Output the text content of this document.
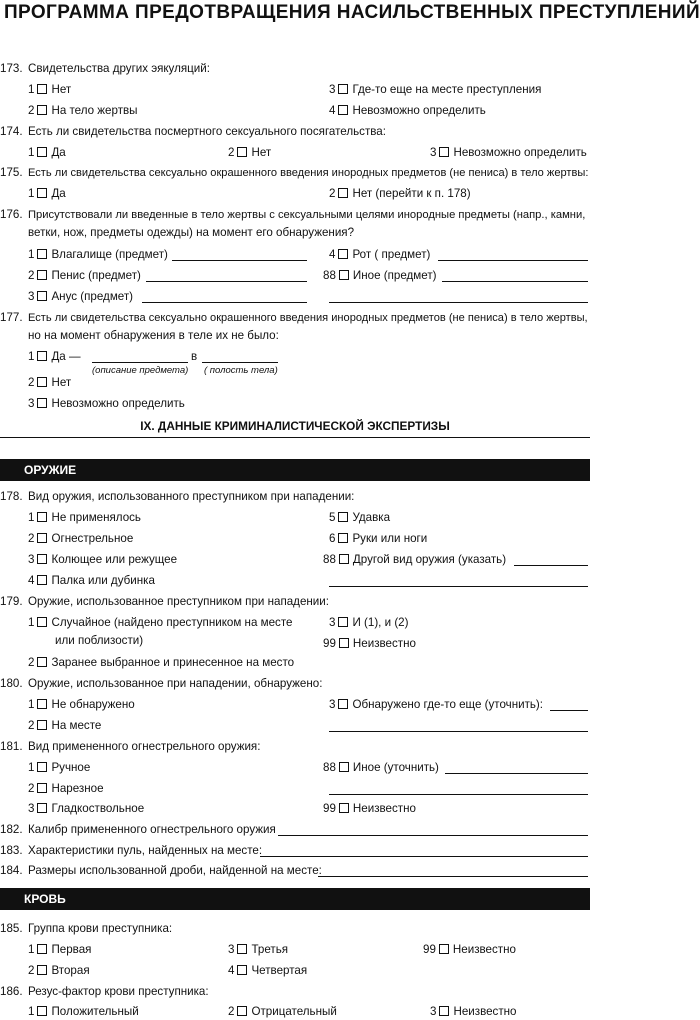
ПРОГРАММА ПРЕДОТВРАЩЕНИЯ НАСИЛЬСТВЕННЫХ ПРЕСТУПЛЕНИЙ
173. Свидетельства других эякуляций:
1 Нет
2 На тело жертвы
3 Где-то еще на месте преступления
4 Невозможно определить
174. Есть ли свидетельства посмертного сексуального посягательства:
1 Да	2 Нет	3 Невозможно определить
175. Есть ли свидетельства сексуально окрашенного введения инородных предметов (не пениса) в тело жертвы:
1 Да	2 Нет (перейти к п. 178)
176. Присутствовали ли введенные в тело жертвы с сексуальными целями инородные предметы (напр., камни,
ветки, нож, предметы одежды) на момент его обнаружения?
1 Влагалище (предмет)
2 Пенис (предмет)
3 Анус (предмет)
4 Рот ( предмет)
88 Иное (предмет)
177. Есть ли свидетельства сексуально окрашенного введения инородных предметов (не пениса) в тело жертвы,
но на момент обнаружения в теле их не было:
1 Да —	в
(описание предмета) ( полость тела)
2 Нет
3 Невозможно определить
IX. ДАННЫЕ КРИМИНАЛИСТИЧЕСКОЙ ЭКСПЕРТИЗЫ
ОРУЖИЕ
178. Вид оружия, использованного преступником при нападении:
1 Не применялось
2 Огнестрельное
3 Колющее или режущее
4 Палка или дубинка
5 Удавка
6 Руки или ноги
88 Другой вид оружия (указать)
179. Оружие, использованное преступником при нападении:
1 Случайное (найдено преступником на месте
или поблизости)
2 Заранее выбранное и принесенное на место
3 И (1), и (2)
99 Неизвестно
180. Оружие, использованное при нападении, обнаружено:
1 Не обнаружено
2 На месте
3 Обнаружено где-то еще (уточнить):
181. Вид примененного огнестрельного оружия:
1 Ручное
2 Нарезное
3 Гладкоствольное
88 Иное (уточнить)
99 Неизвестно
182. Калибр примененного огнестрельного оружия
183. Характеристики пуль, найденных на месте:
184. Размеры использованной дроби, найденной на месте:
КРОВЬ
185. Группа крови преступника:
1 Первая
2 Вторая
3 Третья
4 Четвертая
99 Неизвестно
186. Резус-фактор крови преступника:
1 Положительный	2 Отрицательный	3 Неизвестно
